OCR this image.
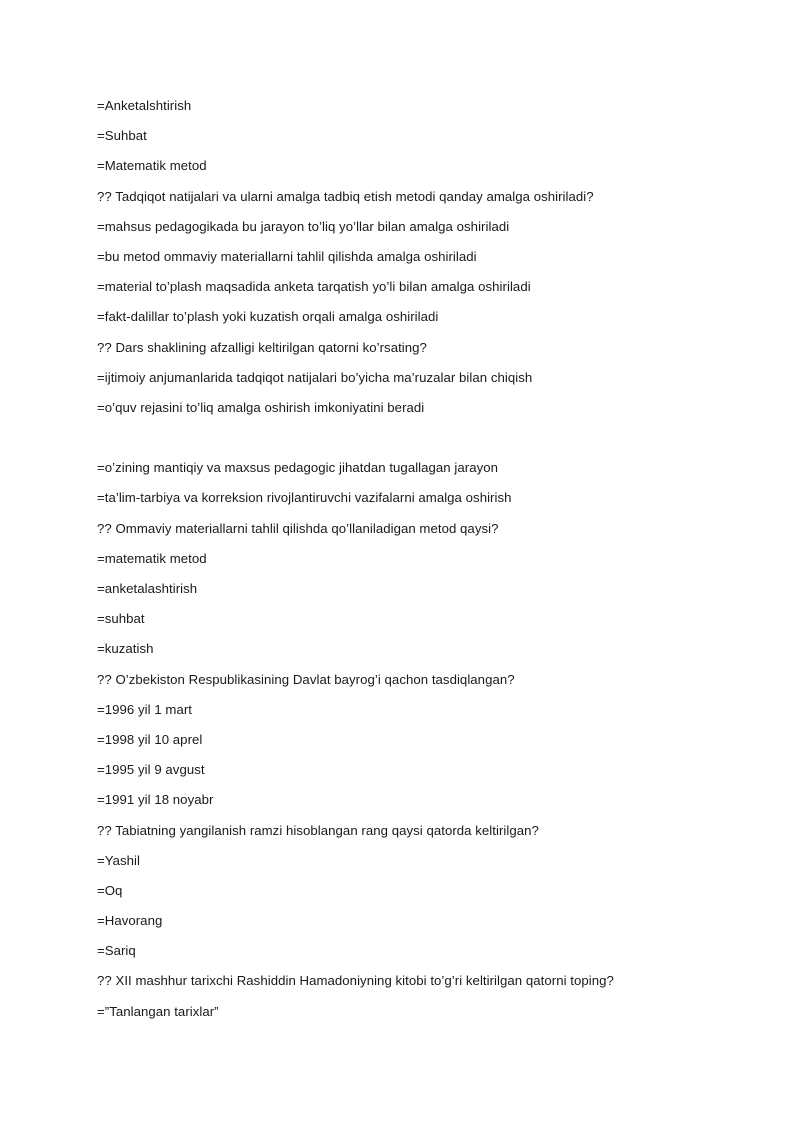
=Anketalshtirish
=Suhbat
=Matematik metod
?? Tadqiqot natijalari va ularni amalga tadbiq etish metodi qanday amalga oshiriladi?
=mahsus pedagogikada bu jarayon to’liq yo’llar bilan amalga oshiriladi
=bu metod ommaviy materiallarni tahlil qilishda amalga oshiriladi
=material to’plash maqsadida anketa tarqatish yo’li bilan amalga oshiriladi
=fakt-dalillar to’plash yoki kuzatish orqali amalga oshiriladi
?? Dars shaklining afzalligi keltirilgan qatorni ko’rsating?
=ijtimoiy anjumanlarida tadqiqot natijalari bo’yicha ma’ruzalar bilan chiqish
=o’quv rejasini to’liq amalga oshirish imkoniyatini beradi
=o’zining mantiqiy va maxsus pedagogic jihatdan tugallagan jarayon
=ta’lim-tarbiya va korreksion rivojlantiruvchi vazifalarni amalga oshirish
?? Ommaviy materiallarni tahlil qilishda qo’llaniladigan metod qaysi?
=matematik metod
=anketalashtirish
=suhbat
=kuzatish
?? O’zbekiston Respublikasining Davlat bayrog’i qachon tasdiqlangan?
=1996 yil 1 mart
=1998 yil 10 aprel
=1995 yil 9 avgust
=1991 yil 18 noyabr
?? Tabiatning yangilanish ramzi hisoblangan rang qaysi qatorda keltirilgan?
=Yashil
=Oq
=Havorang
=Sariq
?? XII mashhur tarixchi Rashiddin Hamadoniyning kitobi to’g’ri keltirilgan qatorni toping?
=”Tanlangan tarixlar”
